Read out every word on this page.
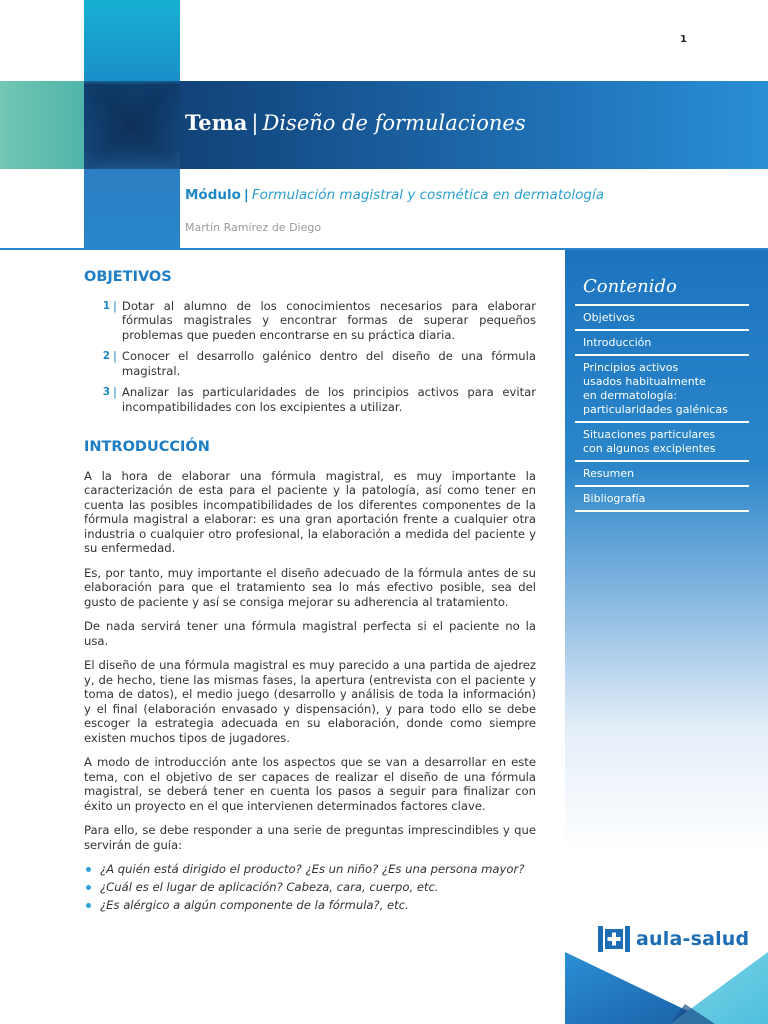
1
Tema | Diseño de formulaciones
Módulo | Formulación magistral y cosmética en dermatología
Martín Ramírez de Diego
OBJETIVOS
1 | Dotar al alumno de los conocimientos necesarios para elaborar fórmulas magistrales y encontrar formas de superar pequeños problemas que pueden encontrarse en su práctica diaria.
2 | Conocer el desarrollo galénico dentro del diseño de una fórmula magistral.
3 | Analizar las particularidades de los principios activos para evitar incompatibilidades con los excipientes a utilizar.
INTRODUCCIÓN

A la hora de elaborar una fórmula magistral, es muy importante la caracterización de esta para el paciente y la patología, así como tener en cuenta las posibles incompatibilidades de los diferentes componentes de la fórmula magistral a elaborar: es una gran aportación frente a cualquier otra industria o cualquier otro profesional, la elaboración a medida del paciente y su enfermedad.

Es, por tanto, muy importante el diseño adecuado de la fórmula antes de su elaboración para que el tratamiento sea lo más efectivo posible, sea del gusto de paciente y así se consiga mejorar su adherencia al tratamiento.

De nada servirá tener una fórmula magistral perfecta si el paciente no la usa.

El diseño de una fórmula magistral es muy parecido a una partida de ajedrez y, de hecho, tiene las mismas fases, la apertura (entrevista con el paciente y toma de datos), el medio juego (desarrollo y análisis de toda la información) y el final (elaboración envasado y dispensación), y para todo ello se debe escoger la estrategia adecuada en su elaboración, donde como siempre existen muchos tipos de jugadores.

A modo de introducción ante los aspectos que se van a desarrollar en este tema, con el objetivo de ser capaces de realizar el diseño de una fórmula magistral, se deberá tener en cuenta los pasos a seguir para finalizar con éxito un proyecto en el que intervienen determinados factores clave.

Para ello, se debe responder a una serie de preguntas imprescindibles y que servirán de guía:

¿A quién está dirigido el producto? ¿Es un niño? ¿Es una persona mayor?
¿Cuál es el lugar de aplicación? Cabeza, cara, cuerpo, etc.
¿Es alérgico a algún componente de la fórmula?, etc.
Contenido
Objetivos
Introducción
Principios activos
usados habitualmente
en dermatología:
particularidades galénicas
Situaciones particulares
con algunos excipientes
Resumen
Bibliografía
aula-salud
